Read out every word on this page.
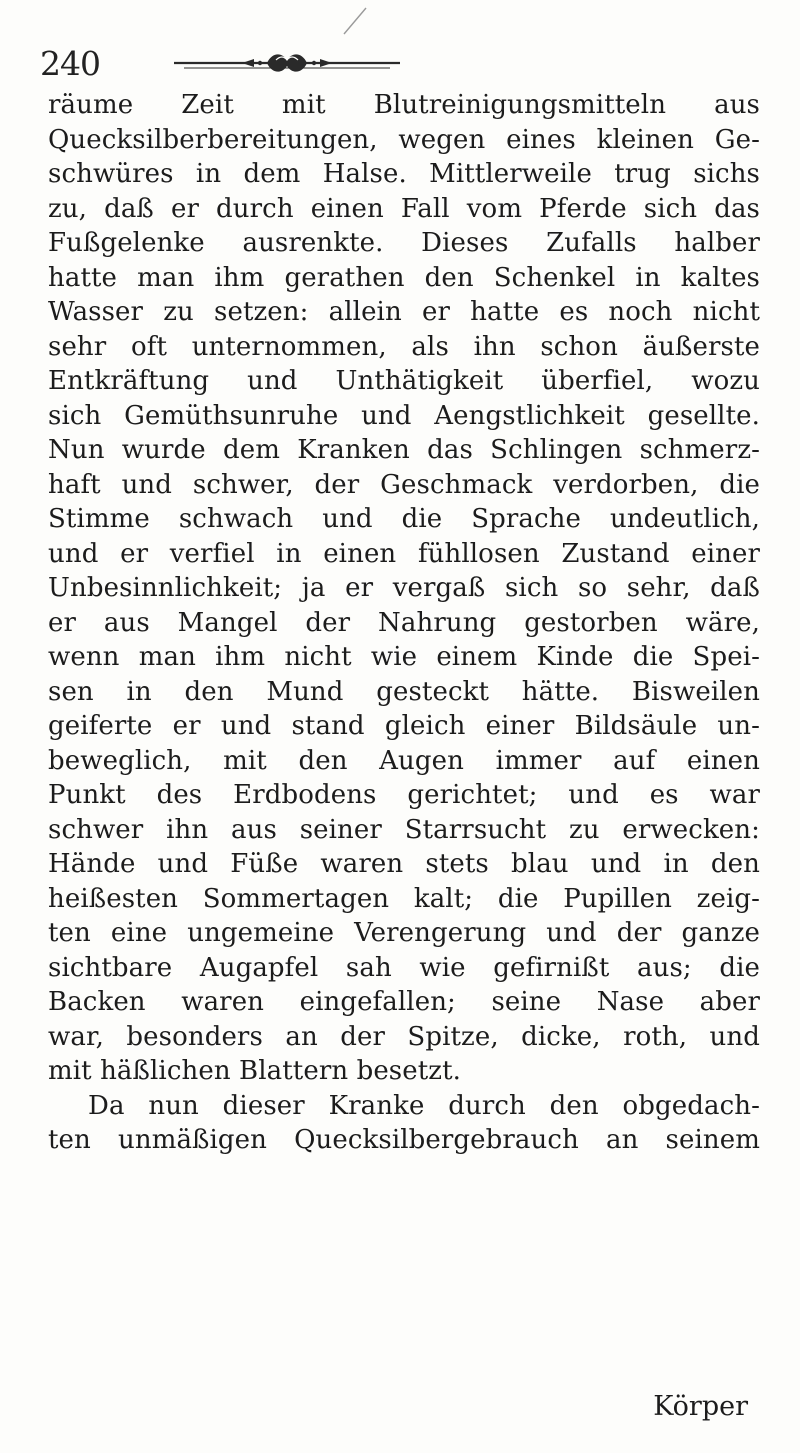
240
räume Zeit mit Blutreinigungsmitteln aus
Quecksilberbereitungen, wegen eines kleinen Ge-
schwüres in dem Halse. Mittlerweile trug sichs
zu, daß er durch einen Fall vom Pferde sich das
Fußgelenke ausrenkte. Dieses Zufalls halber
hatte man ihm gerathen den Schenkel in kaltes
Wasser zu setzen: allein er hatte es noch nicht
sehr oft unternommen, als ihn schon äußerste
Entkräftung und Unthätigkeit überfiel, wozu
sich Gemüthsunruhe und Aengstlichkeit gesellte.
Nun wurde dem Kranken das Schlingen schmerz-
haft und schwer, der Geschmack verdorben, die
Stimme schwach und die Sprache undeutlich,
und er verfiel in einen fühllosen Zustand einer
Unbesinnlichkeit; ja er vergaß sich so sehr, daß
er aus Mangel der Nahrung gestorben wäre,
wenn man ihm nicht wie einem Kinde die Spei-
sen in den Mund gesteckt hätte. Bisweilen
geiferte er und stand gleich einer Bildsäule un-
beweglich, mit den Augen immer auf einen
Punkt des Erdbodens gerichtet; und es war
schwer ihn aus seiner Starrsucht zu erwecken:
Hände und Füße waren stets blau und in den
heißesten Sommertagen kalt; die Pupillen zeig-
ten eine ungemeine Verengerung und der ganze
sichtbare Augapfel sah wie gefirnißt aus; die
Backen waren eingefallen; seine Nase aber
war, besonders an der Spitze, dicke, roth, und
mit häßlichen Blattern besetzt.
Da nun dieser Kranke durch den obgedach-
ten unmäßigen Quecksilbergebrauch an seinem
Körper
